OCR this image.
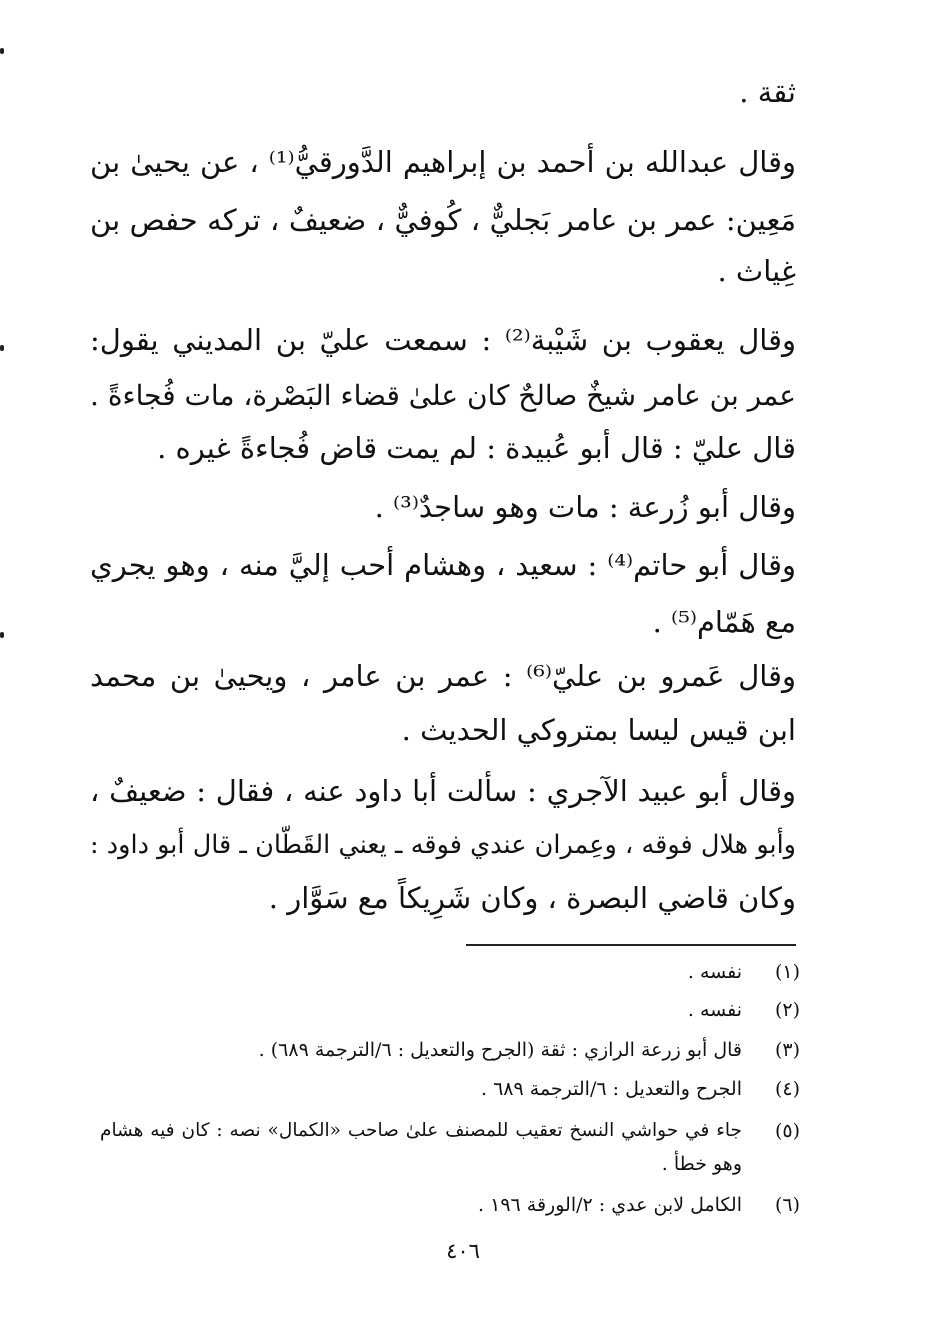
ثقة .
وقال عبدالله بن أحمد بن إبراهيم الدَّورقيُّ⁽¹⁾ ، عن يحيىٰ بن
مَعِين: عمر بن عامر بَجليٌّ ، كُوفيٌّ ، ضعيفٌ ، تركه حفص بن
غِياث .
وقال يعقوب بن شَيْبة⁽²⁾ : سمعت عليّ بن المديني يقول:
عمر بن عامر شيخٌ صالحٌ كان علىٰ قضاء البَصْرة، مات فُجاءةً .
قال عليّ : قال أبو عُبيدة : لم يمت قاض فُجاءةً غيره .
وقال أبو زُرعة : مات وهو ساجدٌ⁽³⁾ .
وقال أبو حاتم⁽⁴⁾ : سعيد ، وهشام أحب إليَّ منه ، وهو يجري
مع هَمّام⁽⁵⁾ .
وقال عَمرو بن عليّ⁽⁶⁾ : عمر بن عامر ، ويحيىٰ بن محمد
ابن قيس ليسا بمتروكي الحديث .
وقال أبو عبيد الآجري : سألت أبا داود عنه ، فقال : ضعيفٌ ،
وأبو هلال فوقه ، وعِمران عندي فوقه ـ يعني القَطّان ـ قال أبو داود :
وكان قاضي البصرة ، وكان شَرِيكاً مع سَوَّار .
(١)
نفسه .
(٢)
نفسه .
(٣)
قال أبو زرعة الرازي : ثقة (الجرح والتعديل : ٦/الترجمة ٦٨٩) .
(٤)
الجرح والتعديل : ٦/الترجمة ٦٨٩ .
(٥)
جاء في حواشي النسخ تعقيب للمصنف علىٰ صاحب «الكمال» نصه : كان فيه هشام
وهو خطأ .
(٦)
الكامل لابن عدي : ٢/الورقة ١٩٦ .
٤٠٦
